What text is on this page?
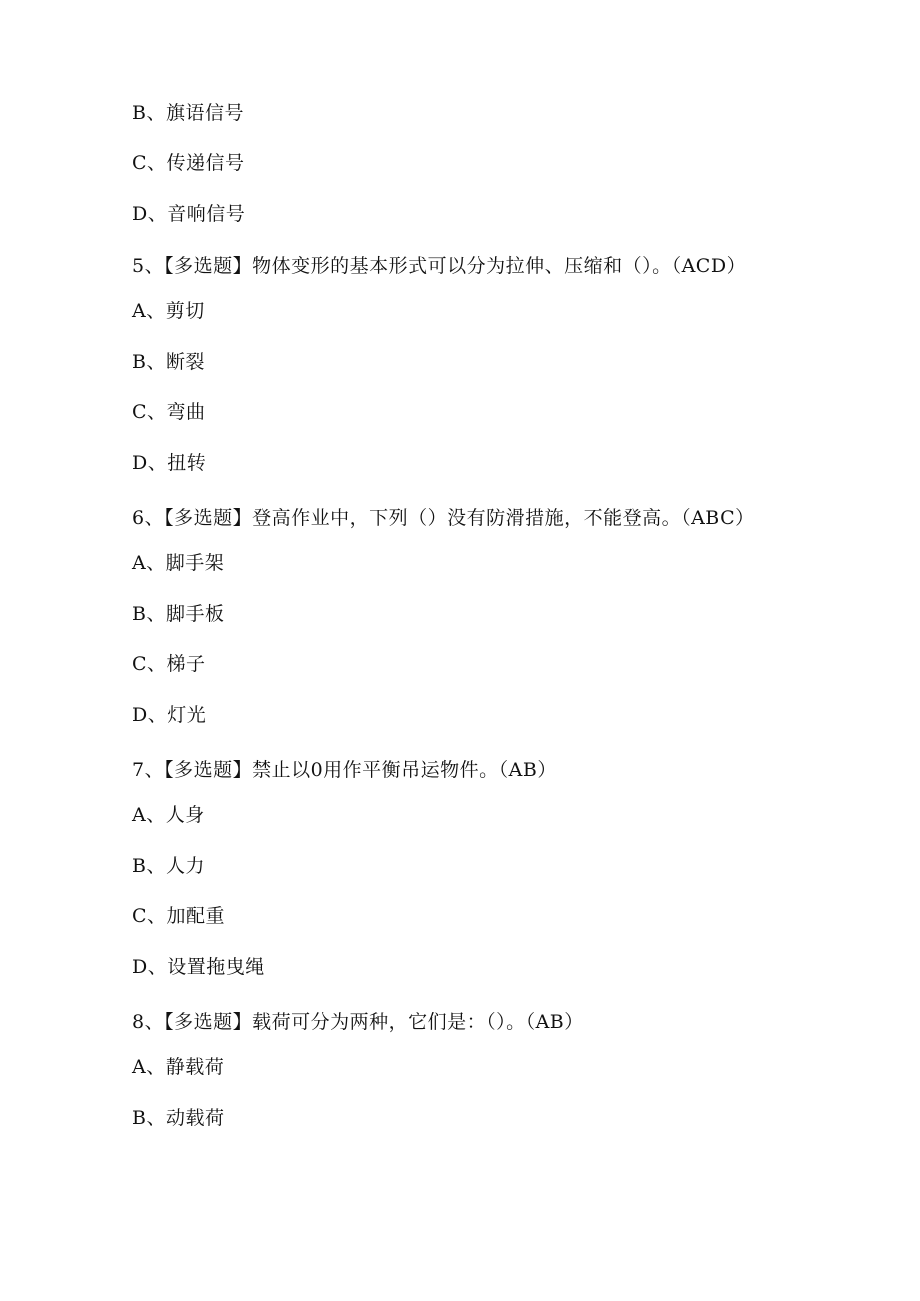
B、旗语信号
C、传递信号
D、音响信号
5、【多选题】物体变形的基本形式可以分为拉伸、压缩和（）。（ACD）
A、剪切
B、断裂
C、弯曲
D、扭转
6、【多选题】登高作业中，下列（）没有防滑措施，不能登高。（ABC）
A、脚手架
B、脚手板
C、梯子
D、灯光
7、【多选题】禁止以0用作平衡吊运物件。（AB）
A、人身
B、人力
C、加配重
D、设置拖曳绳
8、【多选题】载荷可分为两种，它们是：（）。（AB）
A、静载荷
B、动载荷
